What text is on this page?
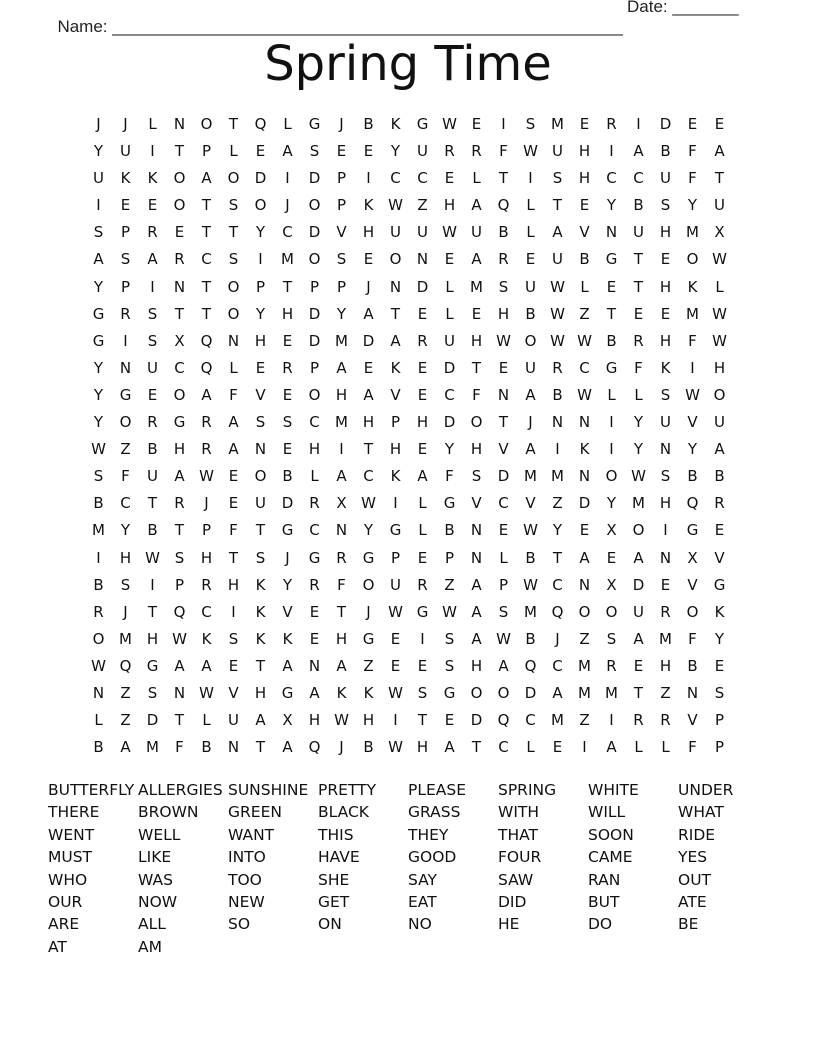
Name: ______________________________________________________

Date: _______

Spring Time
J	J	L	N	O	T	Q	L	G	J	B	K	G W E	I	S	M	E	R	I	D	E	E
Y	U	I	T	P	L	E	A	S	E	E	Y	U	R	R	F	W U	H	I	A	B	F	A
U	K	K	O	A	O	D	I	D	P	I	C	C	E	L	T	I	S	H	C	C	U	F	T
I	E	E	O	T	S	O	J	O	P	K W Z	H	A	Q	L	T	E	Y	B	S	Y	U
S	P	R	E	T	T	Y	C	D	V	H	U	U W U	B	L	A	V	N	U	H M	X
A	S	A	R	C	S	I	M O	S	E	O	N	E	A	R	E	U	B	G	T	E	O W
Y	P	I	N	T	O	P	T	P	P	J	N	D	L	M	S	U W	L	E	T	H	K	L
G	R	S	T	T	O	Y	H	D	Y	A	T	E	L	E	H	B W Z	T	E	E	M W
G	I	S	X	Q	N	H	E	D M D	A	R	U	H W O W W B	R	H	F	W
Y	N	U	C	Q	L	E	R	P	A	E	K	E	D	T	E	U	R	C	G	F	K	I	H
Y	G	E	O	A	F	V	E	O	H	A	V	E	C	F	N	A	B W	L	L	S W O
Y	O	R	G	R	A	S	S	C	M H	P	H	D	O	T	J	N	N	I	Y	U	V	U
W Z	B	H	R	A	N	E	H	I	T	H	E	Y	H	V	A	I	K	I	Y	N	Y	A
S	F	U	A W E	O	B	L	A	C	K	A	F	S	D M M N	O W S	B	B
B	C	T	R	J	E	U	D	R	X W	I	L	G	V	C	V	Z	D	Y	M H	Q	R
M	Y	B	T	P	F	T	G	C	N	Y	G	L	B	N	E W Y	E	X	O	I	G	E
I	H W S	H	T	S	J	G	R	G	P	E	P	N	L	B	T	A	E	A	N	X	V
B	S	I	P	R	H	K	Y	R	F	O	U	R	Z	A	P	W C	N	X	D	E	V	G
R	J	T	Q	C	I	K	V	E	T	J	W G W A	S	M Q	O	O	U	R	O	K
O M H W K	S	K	K	E	H	G	E	I	S	A W B	J	Z	S	A	M	F	Y
W Q	G	A	A	E	T	A	N	A	Z	E	E	S	H	A	Q	C	M	R	E	H	B	E
N	Z	S	N W V	H	G	A	K	K W S	G	O	O	D	A	M M	T	Z	N	S
L	Z	D	T	L	U	A	X	H W H	I	T	E	D	Q	C	M	Z	I	R	R	V	P
B	A	M	F	B	N	T	A	Q	J	B W H	A	T	C	L	E	I	A	L	L	F	P
BUTTERFLY ALLERGIES SUNSHINE PRETTY	PLEASE	SPRING	WHITE	UNDER
THERE	BROWN	GREEN	BLACK	GRASS	WITH	WILL	WHAT
WENT	WELL	WANT	THIS	THEY	THAT	SOON	RIDE
MUST	LIKE	INTO	HAVE	GOOD	FOUR	CAME	YES
WHO	WAS	TOO	SHE	SAY	SAW	RAN	OUT
OUR	NOW	NEW	GET	EAT	DID	BUT	ATE
ARE	ALL	SO	ON	NO	HE	DO	BE
AT	AM
